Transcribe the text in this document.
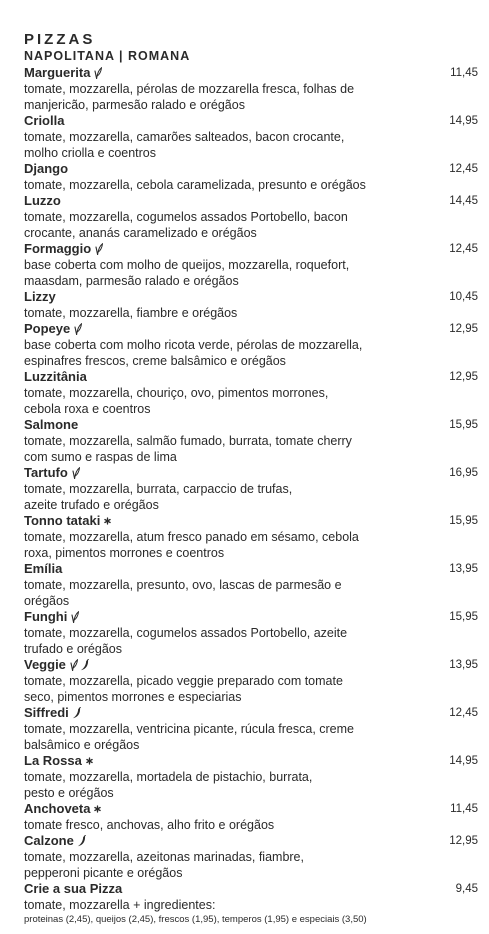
PIZZAS
NAPOLITANA | ROMANA
Marguerita	11,45
tomate, mozzarella, pérolas de mozzarella fresca, folhas de
manjericão, parmesão ralado e orégãos
Criolla	14,95
tomate, mozzarella, camarões salteados, bacon crocante,
molho criolla e coentros
Django	12,45
tomate, mozzarella, cebola caramelizada, presunto e orégãos
Luzzo	14,45
tomate, mozzarella, cogumelos assados Portobello, bacon
crocante, ananás caramelizado e orégãos
Formaggio	12,45
base coberta com molho de queijos, mozzarella, roquefort,
maasdam, parmesão ralado e orégãos
Lizzy	10,45
tomate, mozzarella, fiambre e orégãos
Popeye	12,95
base coberta com molho ricota verde, pérolas de mozzarella,
espinafres frescos, creme balsâmico e orégãos
Luzzitânia	12,95
tomate, mozzarella, chouriço, ovo, pimentos morrones,
cebola roxa e coentros
Salmone	15,95
tomate, mozzarella, salmão fumado, burrata, tomate cherry
com sumo e raspas de lima
Tartufo	16,95
tomate, mozzarella, burrata, carpaccio de trufas,
azeite trufado e orégãos
Tonno tataki	15,95
tomate, mozzarella, atum fresco panado em sésamo, cebola
roxa, pimentos morrones e coentros
Emília	13,95
tomate, mozzarella, presunto, ovo, lascas de parmesão e
orégãos
Funghi	15,95
tomate, mozzarella, cogumelos assados Portobello, azeite
trufado e orégãos
Veggie	13,95
tomate, mozzarella, picado veggie preparado com tomate
seco, pimentos morrones e especiarias
Siffredi	12,45
tomate, mozzarella, ventricina picante, rúcula fresca, creme
balsâmico e orégãos
La Rossa	14,95
tomate, mozzarella, mortadela de pistachio, burrata,
pesto e orégãos
Anchoveta	11,45
tomate fresco, anchovas, alho frito e orégãos
Calzone	12,95
tomate, mozzarella, azeitonas marinadas, fiambre,
pepperoni picante e orégãos
Crie a sua Pizza	9,45
tomate, mozzarella + ingredientes:
proteinas (2,45), queijos (2,45), frescos (1,95), temperos (1,95) e especiais (3,50)
